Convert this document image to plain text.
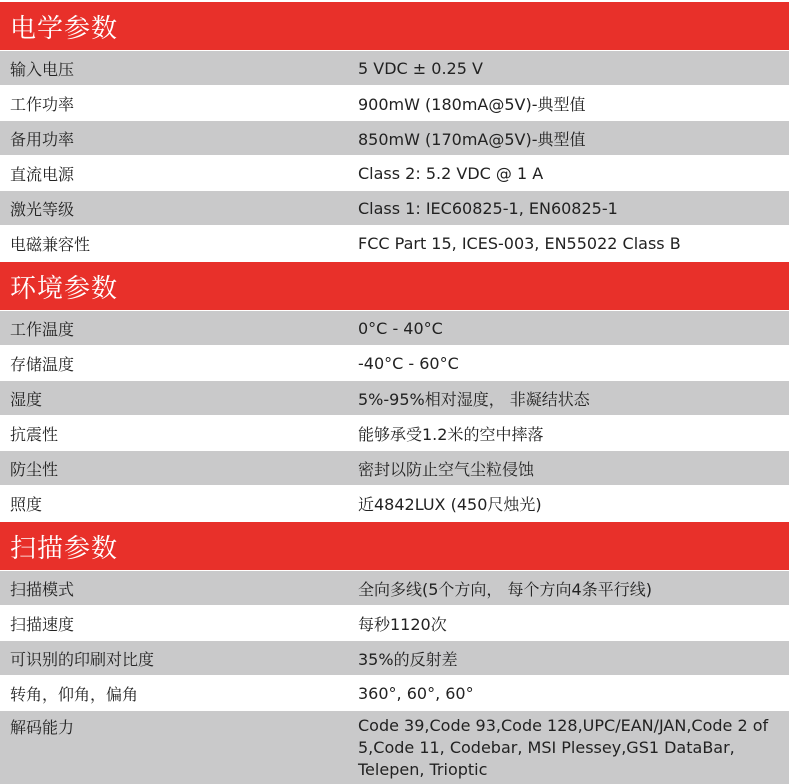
电学参数
输入电压	5 VDC ± 0.25 V
工作功率	900mW (180mA@5V)-典型值
备用功率	850mW (170mA@5V)-典型值
直流电源	Class 2: 5.2 VDC @ 1 A
激光等级	Class 1: IEC60825-1, EN60825-1
电磁兼容性	FCC Part 15, ICES-003, EN55022 Class B
环境参数
工作温度	0°C - 40°C
存储温度	-40°C - 60°C
湿度	5%-95%相对湿度， 非凝结状态
抗震性	能够承受1.2米的空中摔落
防尘性	密封以防止空气尘粒侵蚀
照度	近4842LUX (450尺烛光)
扫描参数
扫描模式	全向多线(5个方向， 每个方向4条平行线)
扫描速度	每秒1120次
可识别的印刷对比度	35%的反射差
转角，仰角，偏角	360°, 60°, 60°
解码能力	Code 39,Code 93,Code 128,UPC/EAN/JAN,Code 2 of 5,Code 11, Codebar, MSI Plessey,GS1 DataBar, Telepen, Trioptic
